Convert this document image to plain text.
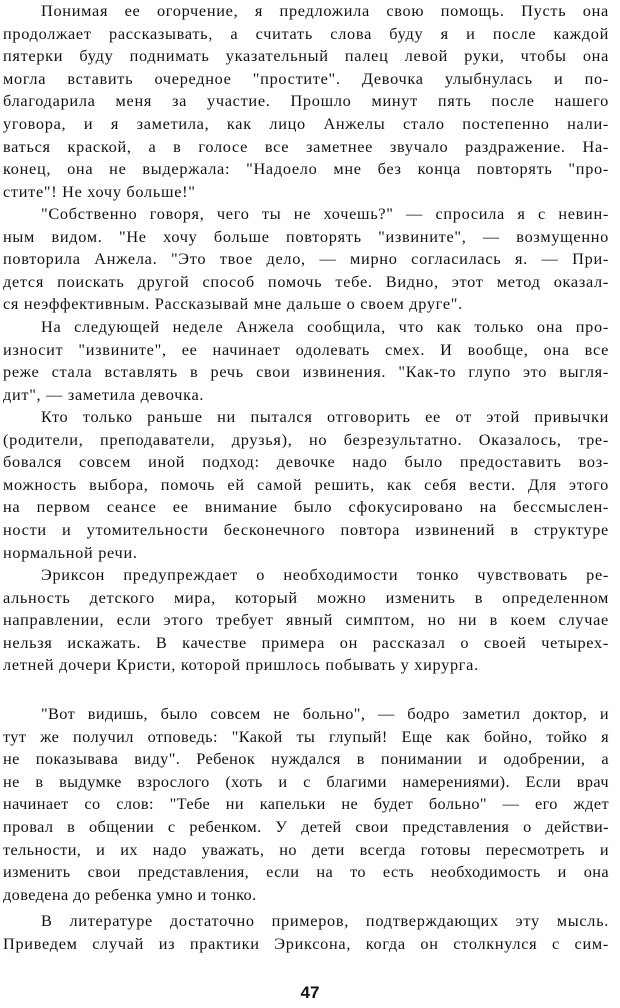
Понимая ее огорчение, я предложила свою помощь. Пусть она
продолжает рассказывать, а считать слова буду я и после каждой
пятерки буду поднимать указательный палец левой руки, чтобы она
могла вставить очередное "простите". Девочка улыбнулась и по-
благодарила меня за участие. Прошло минут пять после нашего
уговора, и я заметила, как лицо Анжелы стало постепенно нали-
ваться краской, а в голосе все заметнее звучало раздражение. На-
конец, она не выдержала: "Надоело мне без конца повторять "про-
стите"! Не хочу больше!"
"Собственно говоря, чего ты не хочешь?" — спросила я с невин-
ным видом. "Не хочу больше повторять "извините", — возмущенно
повторила Анжела. "Это твое дело, — мирно согласилась я. — При-
дется поискать другой способ помочь тебе. Видно, этот метод оказал-
ся неэффективным. Рассказывай мне дальше о своем друге".
На следующей неделе Анжела сообщила, что как только она про-
износит "извините", ее начинает одолевать смех. И вообще, она все
реже стала вставлять в речь свои извинения. "Как-то глупо это выгля-
дит", — заметила девочка.
Кто только раньше ни пытался отговорить ее от этой привычки
(родители, преподаватели, друзья), но безрезультатно. Оказалось, тре-
бовался совсем иной подход: девочке надо было предоставить воз-
можность выбора, помочь ей самой решить, как себя вести. Для этого
на первом сеансе ее внимание было сфокусировано на бессмыслен-
ности и утомительности бесконечного повтора извинений в структуре
нормальной речи.
Эриксон предупреждает о необходимости тонко чувствовать ре-
альность детского мира, который можно изменить в определенном
направлении, если этого требует явный симптом, но ни в коем случае
нельзя искажать. В качестве примера он рассказал о своей четырех-
летней дочери Кристи, которой пришлось побывать у хирурга.
"Вот видишь, было совсем не больно", — бодро заметил доктор, и
тут же получил отповедь: "Какой ты глупый! Еще как бойно, тойко я
не показывава виду". Ребенок нуждался в понимании и одобрении, а
не в выдумке взрослого (хоть и с благими намерениями). Если врач
начинает со слов: "Тебе ни капельки не будет больно" — его ждет
провал в общении с ребенком. У детей свои представления о действи-
тельности, и их надо уважать, но дети всегда готовы пересмотреть и
изменить свои представления, если на то есть необходимость и она
доведена до ребенка умно и тонко.
В литературе достаточно примеров, подтверждающих эту мысль.
Приведем случай из практики Эриксона, когда он столкнулся с сим-
47
